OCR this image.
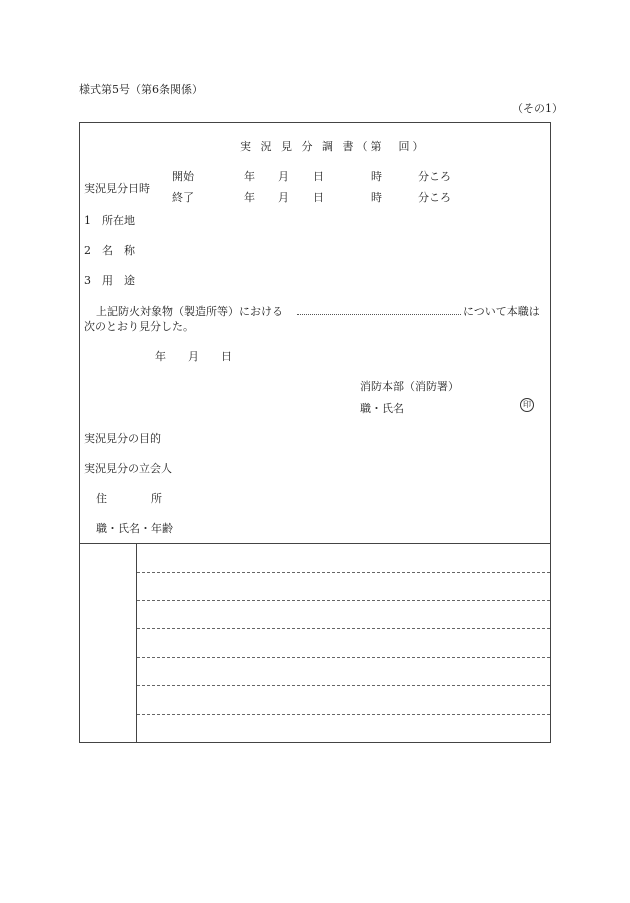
様式第5号（第6条関係）
（その1）
実 況 見 分 調 書（第　回）
実況見分日時
開始	年 月 日	時	分ころ
終了	年 月 日	時	分ころ
1　所在地
2　名　称
3　用　途
上記防火対象物（製造所等）における	について本職は
次のとおり見分した。
年　　月　　日
消防本部（消防署）
職・氏名	印
実況見分の目的
実況見分の立会人
住　　　　所
職・氏名・年齢
